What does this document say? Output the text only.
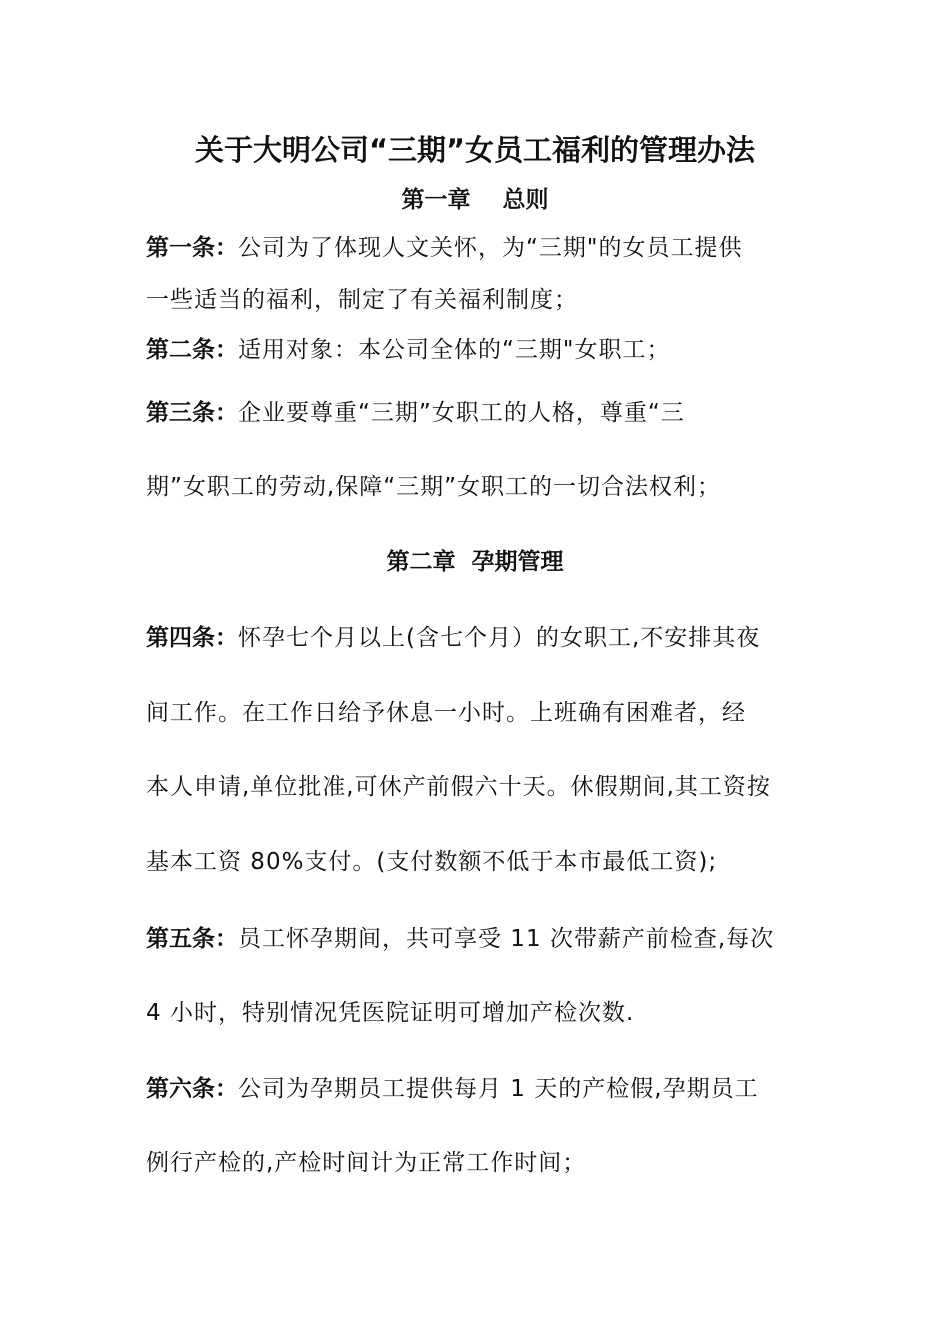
关于大明公司“三期”女员工福利的管理办法
第一章    总则
第一条：公司为了体现人文关怀，为“三期"的女员工提供
一些适当的福利，制定了有关福利制度；
第二条：适用对象：本公司全体的“三期"女职工；
第三条：企业要尊重“三期”女职工的人格，尊重“三
期”女职工的劳动,保障“三期”女职工的一切合法权利；
第二章  孕期管理
第四条：怀孕七个月以上(含七个月）的女职工,不安排其夜
间工作。在工作日给予休息一小时。上班确有困难者，经
本人申请,单位批准,可休产前假六十天。休假期间,其工资按
基本工资 80%支付。(支付数额不低于本市最低工资);
第五条：员工怀孕期间，共可享受 11 次带薪产前检查,每次
4 小时，特别情况凭医院证明可增加产检次数.
第六条：公司为孕期员工提供每月 1 天的产检假,孕期员工
例行产检的,产检时间计为正常工作时间；
